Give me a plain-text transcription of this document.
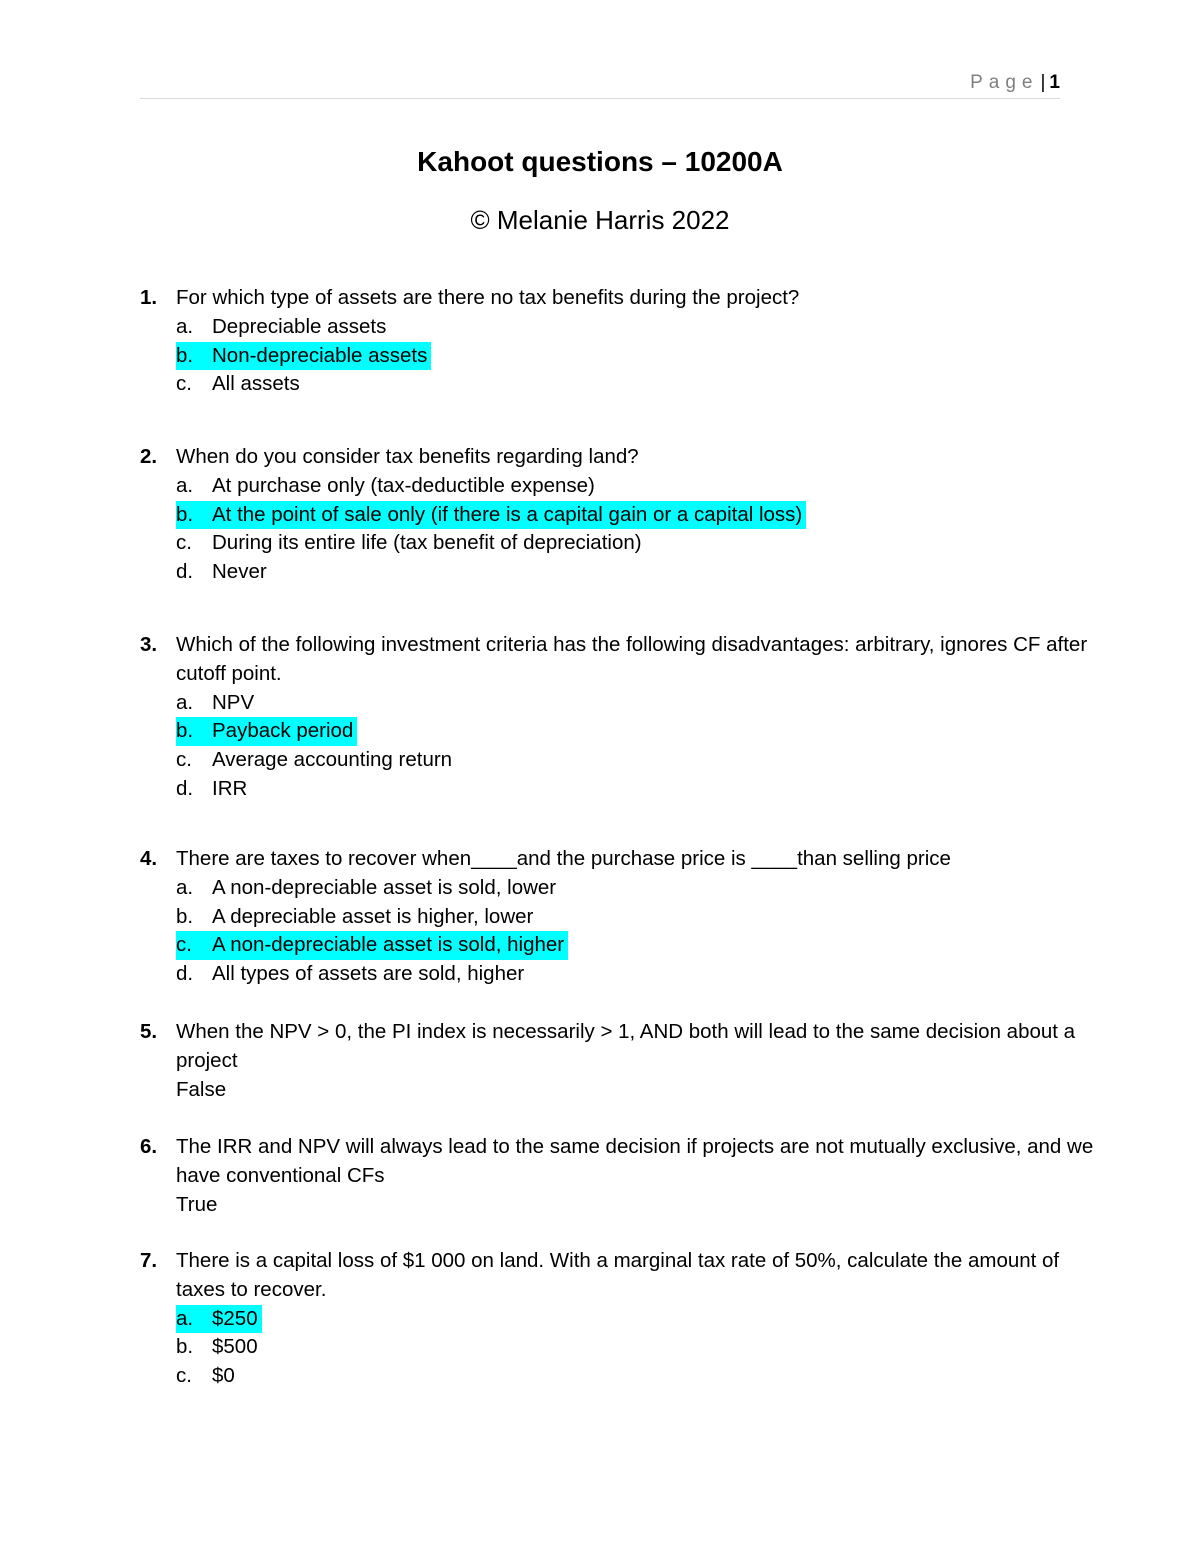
Page | 1
Kahoot questions – 10200A

© Melanie Harris 2022

1. For which type of assets are there no tax benefits during the project?
a. Depreciable assets
b. Non-depreciable assets
c. All assets
2. When do you consider tax benefits regarding land?
a. At purchase only (tax-deductible expense)
b. At the point of sale only (if there is a capital gain or a capital loss)
c. During its entire life (tax benefit of depreciation)
d. Never
3. Which of the following investment criteria has the following disadvantages: arbitrary, ignores CF after cutoff point.
a. NPV
b. Payback period
c. Average accounting return
d. IRR
4. There are taxes to recover when____and the purchase price is ____than selling price
a. A non-depreciable asset is sold, lower
b. A depreciable asset is higher, lower
c. A non-depreciable asset is sold, higher
d. All types of assets are sold, higher
5. When the NPV > 0, the PI index is necessarily > 1, AND both will lead to the same decision about a project
False
6. The IRR and NPV will always lead to the same decision if projects are not mutually exclusive, and we have conventional CFs
True
7. There is a capital loss of $1 000 on land. With a marginal tax rate of 50%, calculate the amount of taxes to recover.
a. $250
b. $500
c. $0
